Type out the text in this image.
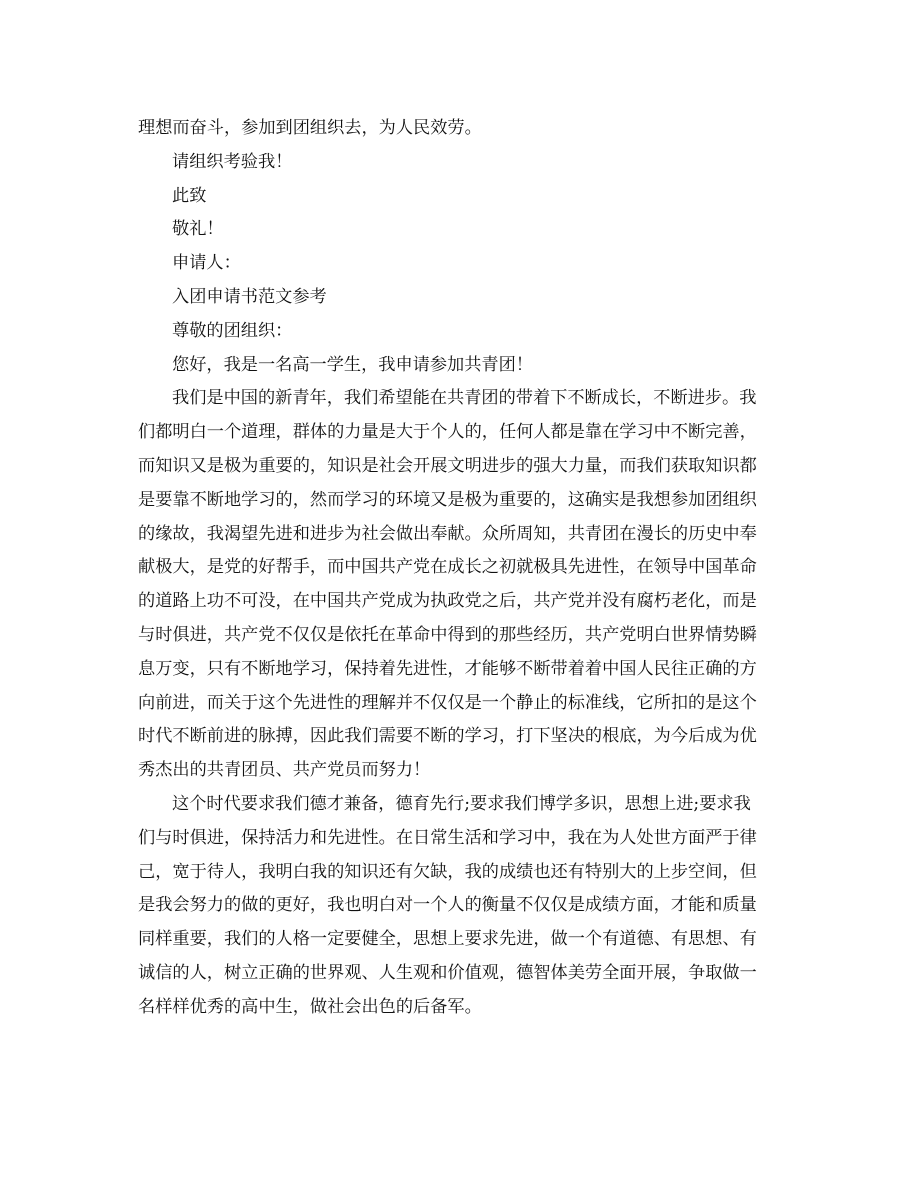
理想而奋斗，参加到团组织去，为人民效劳。

请组织考验我！

此致

敬礼！

申请人：

入团申请书范文参考

尊敬的团组织：

您好，我是一名高一学生，我申请参加共青团！

我们是中国的新青年，我们希望能在共青团的带着下不断成长，不断进步。我

们都明白一个道理，群体的力量是大于个人的，任何人都是靠在学习中不断完善，

而知识又是极为重要的，知识是社会开展文明进步的强大力量，而我们获取知识都

是要靠不断地学习的，然而学习的环境又是极为重要的，这确实是我想参加团组织

的缘故，我渴望先进和进步为社会做出奉献。众所周知，共青团在漫长的历史中奉

献极大，是党的好帮手，而中国共产党在成长之初就极具先进性，在领导中国革命

的道路上功不可没，在中国共产党成为执政党之后，共产党并没有腐朽老化，而是

与时俱进，共产党不仅仅是依托在革命中得到的那些经历，共产党明白世界情势瞬

息万变，只有不断地学习，保持着先进性，才能够不断带着着中国人民往正确的方

向前进，而关于这个先进性的理解并不仅仅是一个静止的标准线，它所扣的是这个

时代不断前进的脉搏，因此我们需要不断的学习，打下坚决的根底，为今后成为优

秀杰出的共青团员、共产党员而努力！

这个时代要求我们德才兼备，德育先行;要求我们博学多识，思想上进;要求我

们与时俱进，保持活力和先进性。在日常生活和学习中，我在为人处世方面严于律

己，宽于待人，我明白我的知识还有欠缺，我的成绩也还有特别大的上步空间，但

是我会努力的做的更好，我也明白对一个人的衡量不仅仅是成绩方面，才能和质量

同样重要，我们的人格一定要健全，思想上要求先进，做一个有道德、有思想、有

诚信的人，树立正确的世界观、人生观和价值观，德智体美劳全面开展，争取做一

名样样优秀的高中生，做社会出色的后备军。
